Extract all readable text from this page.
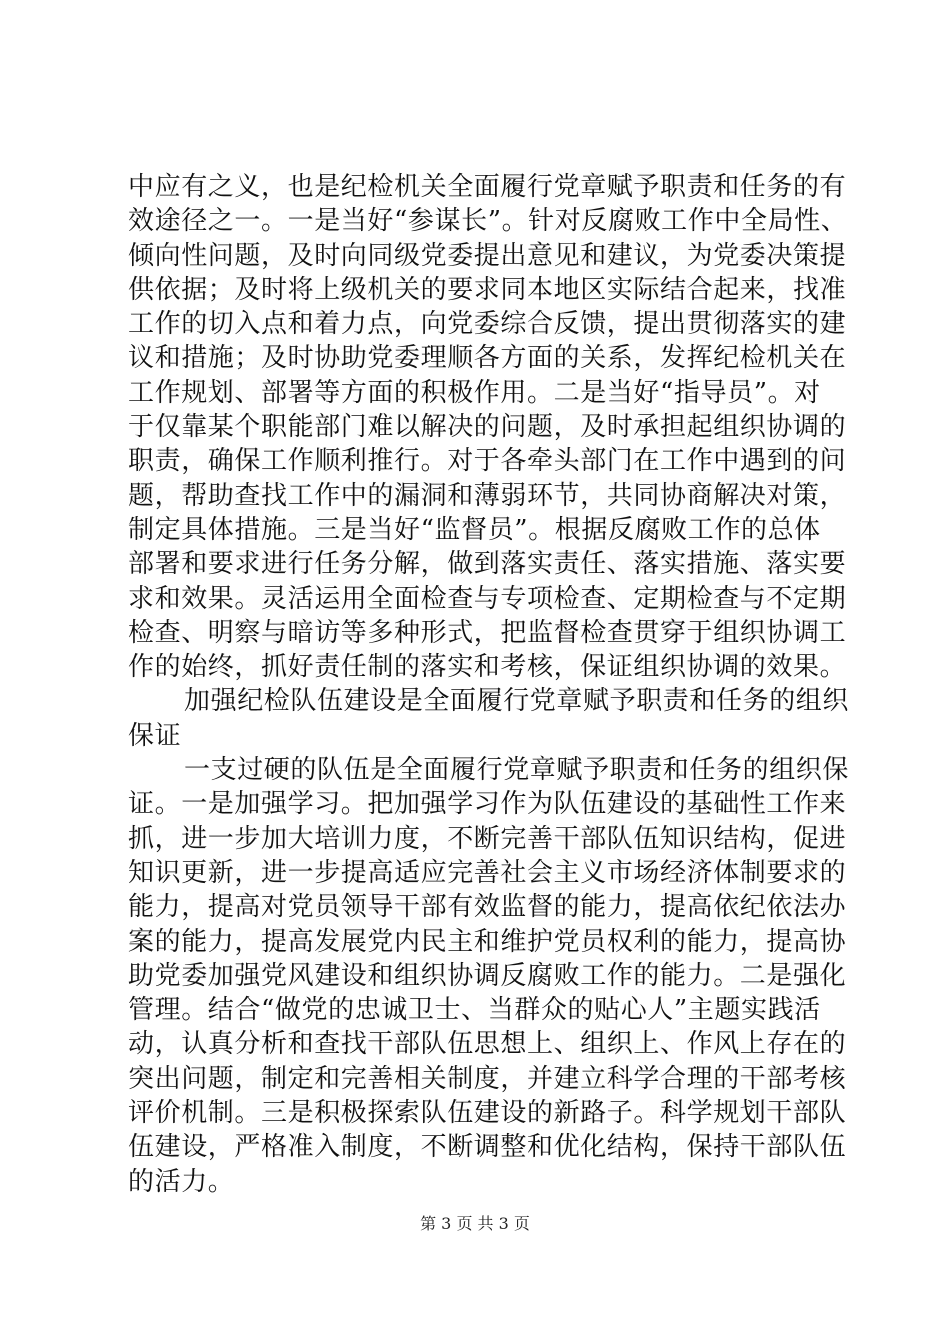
中应有之义，也是纪检机关全面履行党章赋予职责和任务的有
效途径之一。一是当好“参谋长”。针对反腐败工作中全局性、
倾向性问题，及时向同级党委提出意见和建议，为党委决策提
供依据；及时将上级机关的要求同本地区实际结合起来，找准
工作的切入点和着力点，向党委综合反馈，提出贯彻落实的建
议和措施；及时协助党委理顺各方面的关系，发挥纪检机关在
工作规划、部署等方面的积极作用。二是当好“指导员”。对
于仅靠某个职能部门难以解决的问题，及时承担起组织协调的
职责，确保工作顺利推行。对于各牵头部门在工作中遇到的问
题，帮助查找工作中的漏洞和薄弱环节，共同协商解决对策，
制定具体措施。三是当好“监督员”。根据反腐败工作的总体
部署和要求进行任务分解，做到落实责任、落实措施、落实要
求和效果。灵活运用全面检查与专项检查、定期检查与不定期
检查、明察与暗访等多种形式，把监督检查贯穿于组织协调工
作的始终，抓好责任制的落实和考核，保证组织协调的效果。
加强纪检队伍建设是全面履行党章赋予职责和任务的组织
保证
一支过硬的队伍是全面履行党章赋予职责和任务的组织保
证。一是加强学习。把加强学习作为队伍建设的基础性工作来
抓，进一步加大培训力度，不断完善干部队伍知识结构，促进
知识更新，进一步提高适应完善社会主义市场经济体制要求的
能力，提高对党员领导干部有效监督的能力，提高依纪依法办
案的能力，提高发展党内民主和维护党员权利的能力，提高协
助党委加强党风建设和组织协调反腐败工作的能力。二是强化
管理。结合“做党的忠诚卫士、当群众的贴心人”主题实践活
动，认真分析和查找干部队伍思想上、组织上、作风上存在的
突出问题，制定和完善相关制度，并建立科学合理的干部考核
评价机制。三是积极探索队伍建设的新路子。科学规划干部队
伍建设，严格准入制度，不断调整和优化结构，保持干部队伍
的活力。
第 3 页 共 3 页
